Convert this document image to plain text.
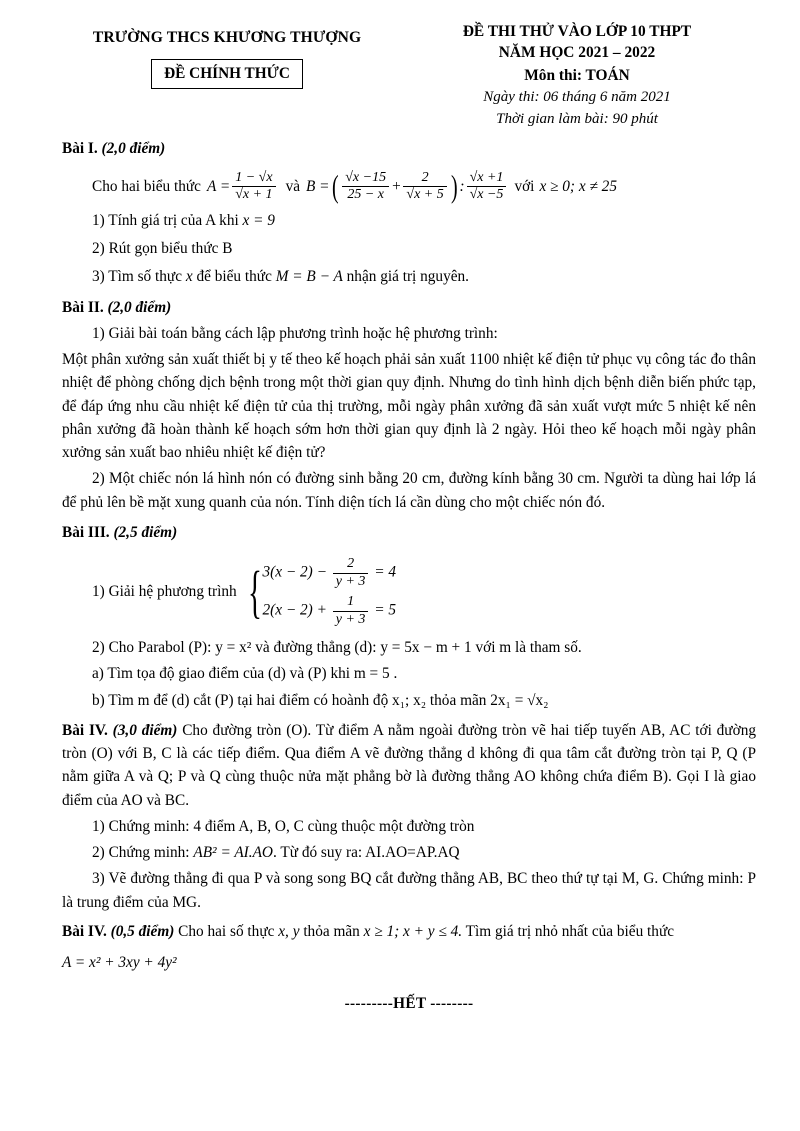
TRƯỜNG THCS KHƯƠNG THƯỢNG
ĐỀ CHÍNH THỨC
ĐỀ THI THỬ VÀO LỚP 10 THPT
NĂM HỌC 2021 – 2022
Môn thi: TOÁN
Ngày thi: 06 tháng 6 năm 2021
Thời gian làm bài: 90 phút
Bài I. (2,0 điểm)
Cho hai biểu thức $A = \frac{1 - √x}{√x + 1}$ và B = ( $\frac{√x -15}{25 - x} + \frac{2}{√x + 5}$ ) : $\frac{√x +1}{√x -5}$ với x ≥ 0; x ≠ 25
1) Tính giá trị của A khi x = 9
2) Rút gọn biểu thức B
3) Tìm số thực x để biểu thức M = B − A nhận giá trị nguyên.
Bài II. (2,0 điểm)

1) Giải bài toán bằng cách lập phương trình hoặc hệ phương trình:

Một phân xưởng sản xuất thiết bị y tế theo kế hoạch phải sản xuất 1100 nhiệt kế điện tử phục vụ công tác đo thân nhiệt để phòng chống dịch bệnh trong một thời gian quy định. Nhưng do tình hình dịch bệnh diễn biến phức tạp, để đáp ứng nhu cầu nhiệt kế điện tử của thị trường, mỗi ngày phân xưởng đã sản xuất vượt mức 5 nhiệt kế nên phân xưởng đã hoàn thành kế hoạch sớm hơn thời gian quy định là 2 ngày. Hỏi theo kế hoạch mỗi ngày phân xưởng sản xuất bao nhiêu nhiệt kế điện tử?

2) Một chiếc nón lá hình nón có đường sinh bằng 20 cm, đường kính bằng 30 cm. Người ta dùng hai lớp lá để phủ lên bề mặt xung quanh của nón. Tính diện tích lá cần dùng cho một chiếc nón đó.

Bài III. (2,5 điểm)
1) Giải hệ phương trình { $3(x - 2) - \frac{2}{y + 3} = 4$
$2(x - 2) + \frac{1}{y + 3} = 5$

2) Cho Parabol (P): y = x² và đường thẳng (d): y = 5x − m + 1 với m là tham số.

a) Tìm tọa độ giao điểm của (d) và (P) khi m = 5 .

b) Tìm m để (d) cắt (P) tại hai điểm có hoành độ x₁; x₂ thỏa mãn 2x₁ = √x₂

Bài IV. (3,0 điểm) Cho đường tròn (O). Từ điểm A nằm ngoài đường tròn vẽ hai tiếp tuyến AB, AC tới đường tròn (O) với B, C là các tiếp điểm. Qua điểm A vẽ đường thẳng d không đi qua tâm cắt đường tròn tại P, Q (P nằm giữa A và Q; P và Q cùng thuộc nửa mặt phẳng bờ là đường thẳng AO không chứa điểm B). Gọi I là giao điểm của AO và BC.

1) Chứng minh: 4 điểm A, B, O, C cùng thuộc một đường tròn

2) Chứng minh: AB² = AI.AO. Từ đó suy ra: AI.AO=AP.AQ

3) Vẽ đường thẳng đi qua P và song song BQ cắt đường thẳng AB, BC theo thứ tự tại M, G. Chứng minh: P là trung điểm của MG.

Bài IV. (0,5 điểm) Cho hai số thực x, y thỏa mãn x ≥ 1; x + y ≤ 4. Tìm giá trị nhỏ nhất của biểu thức

A = x² + 3xy + 4y²

---------HẾT --------
